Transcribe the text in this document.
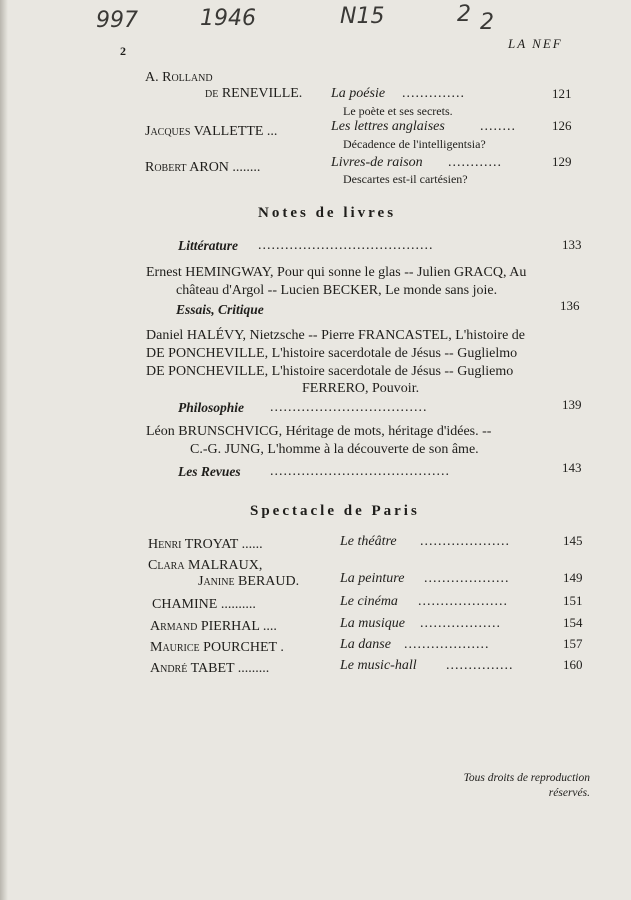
997	1946	N15	2 2
2	LA NEF
A. Rolland
de RENEVILLE. La poésie ..............	121
Le poète et ses secrets.
Jacques VALLETTE ...	Les lettres anglaises	........	126
Décadence de l'intelligentsia?
Robert ARON ........	Livres-de raison ............	129
Descartes est-il cartésien?
Notes de livres
Littérature .......................................	133
Ernest HEMINGWAY, Pour qui sonne le glas -- Julien GRACQ, Au
château d'Argol -- Lucien BECKER, Le monde sans joie.
Essais, Critique	136
Daniel HALÉVY, Nietzsche -- Pierre FRANCASTEL, L'histoire de
DE PONCHEVILLE, L'histoire sacerdotale de Jésus -- Guglielmo
DE PONCHEVILLE, L'histoire sacerdotale de Jésus -- Gugliemo
FERRERO, Pouvoir.
Philosophie ...................................	139
Léon BRUNSCHVICG, Héritage de mots, héritage d'idées. --
C.-G. JUNG, L'homme à la découverte de son âme.
Les Revues ........................................	143
Spectacle de Paris
Henri TROYAT ......	Le théâtre ....................	145
Clara MALRAUX,
Janine BERAUD.	La peinture ...................	149
CHAMINE ..........	Le cinéma ....................	151
Armand PIERHAL ....	La musique ..................	154
Maurice POURCHET .	La danse ...................	157
André TABET .........	Le music-hall ...............	160
Tous droits de reproduction
réservés.
